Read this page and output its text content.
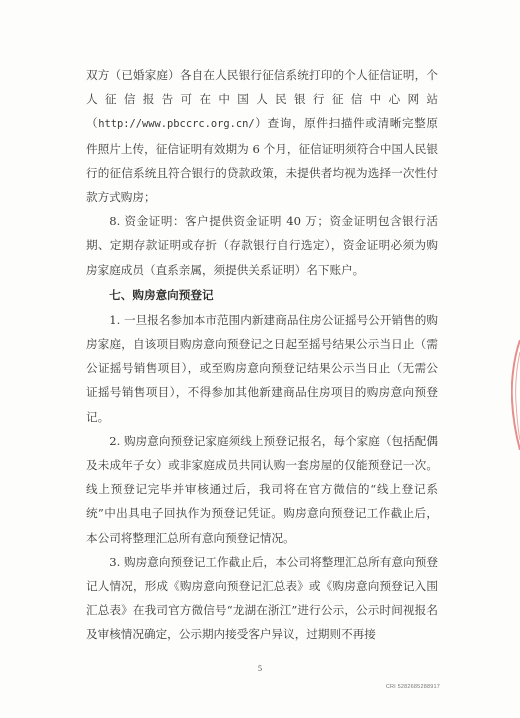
双方（已婚家庭）各自在人民银行征信系统打印的个人征信证明，个人征信报告可在中国人民银行征信中心网站（http://www.pbccrc.org.cn/）查询，原件扫描件或清晰完整原件照片上传，征信证明有效期为 6 个月，征信证明须符合中国人民银行的征信系统且符合银行的贷款政策，未提供者均视为选择一次性付款方式购房；

8. 资金证明：客户提供资金证明 40 万；资金证明包含银行活期、定期存款证明或存折（存款银行自行选定），资金证明必须为购房家庭成员（直系亲属，须提供关系证明）名下账户。

七、购房意向预登记

1. 一旦报名参加本市范围内新建商品住房公证摇号公开销售的购房家庭，自该项目购房意向预登记之日起至摇号结果公示当日止（需公证摇号销售项目），或至购房意向预登记结果公示当日止（无需公证摇号销售项目），不得参加其他新建商品住房项目的购房意向预登记。

2. 购房意向预登记家庭须线上预登记报名，每个家庭（包括配偶及未成年子女）或非家庭成员共同认购一套房屋的仅能预登记一次。线上预登记完毕并审核通过后，我司将在官方微信的“线上登记系统”中出具电子回执作为预登记凭证。购房意向预登记工作截止后，本公司将整理汇总所有意向预登记情况。

3. 购房意向预登记工作截止后，本公司将整理汇总所有意向预登记人情况，形成《购房意向预登记汇总表》或《购房意向预登记入围汇总表》在我司官方微信号“龙湖在浙江”进行公示，公示时间视报名及审核情况确定，公示期内接受客户异议，过期则不再接

5
CRI 5282685288917
